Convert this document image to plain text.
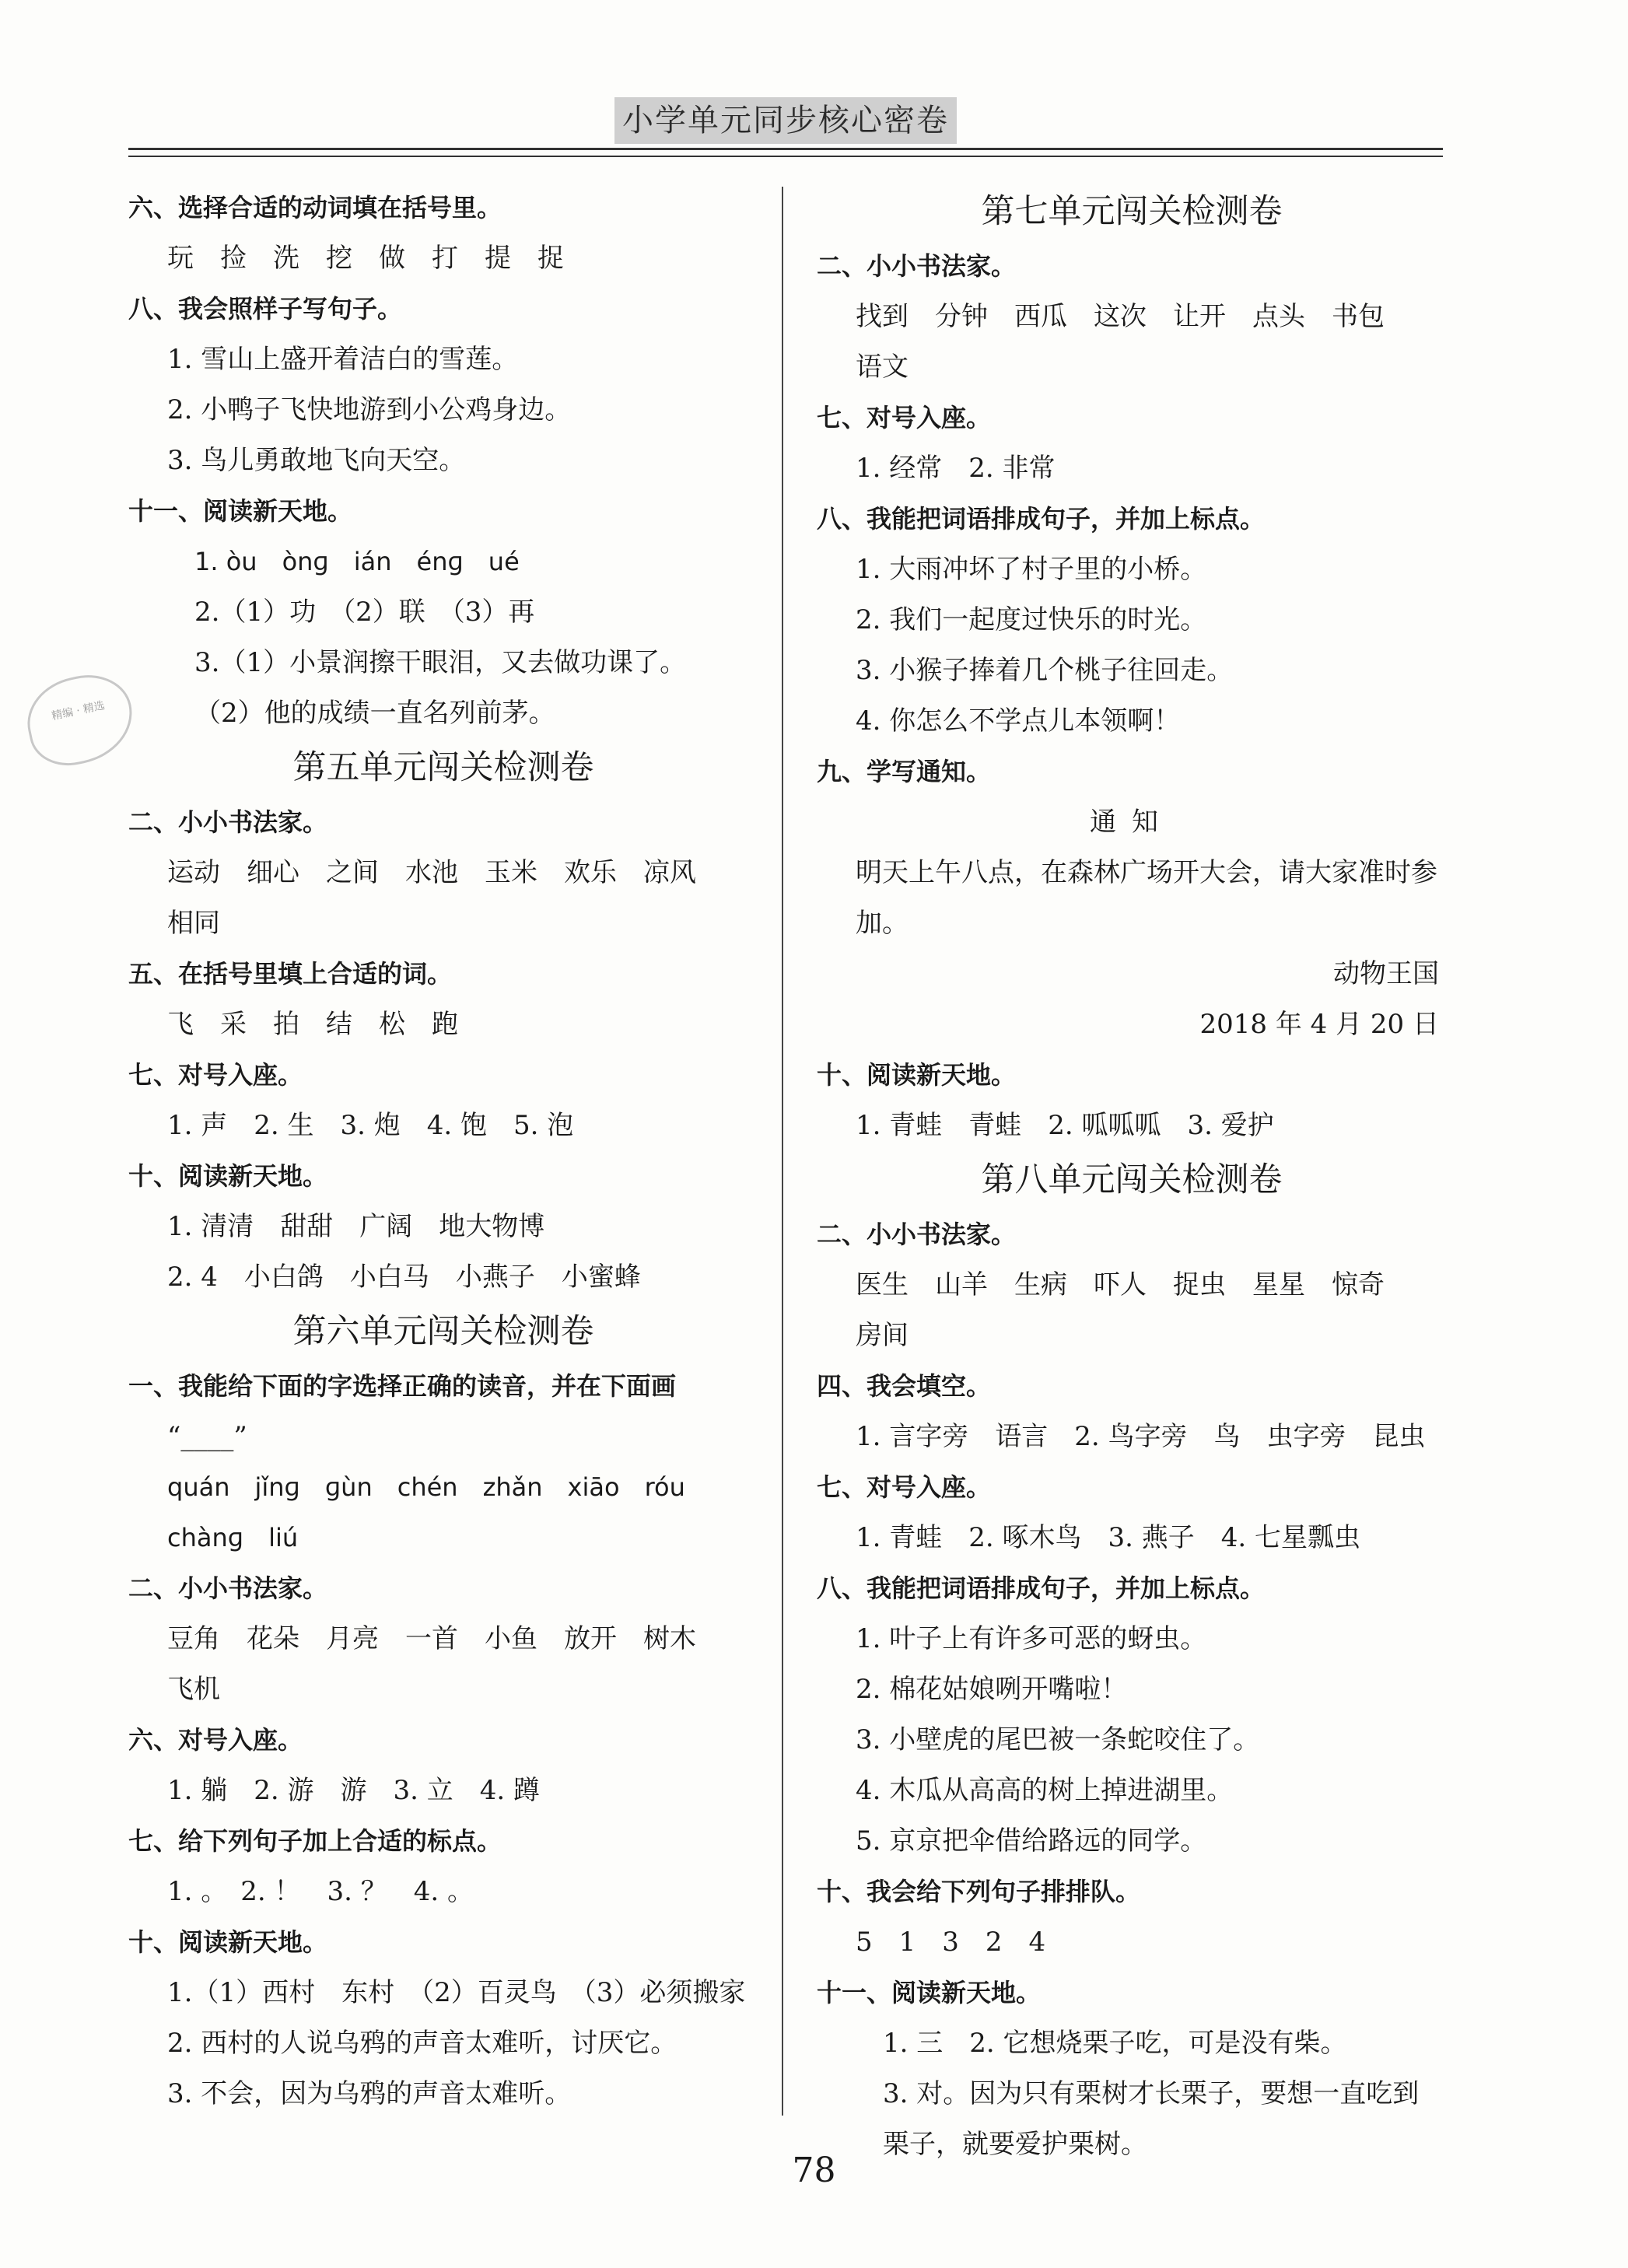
小学单元同步核心密卷
精编 · 精选
六、选择合适的动词填在括号里。
玩 捡 洗 挖 做 打 提 捉
八、我会照样子写句子。
1. 雪山上盛开着洁白的雪莲。
2. 小鸭子飞快地游到小公鸡身边。
3. 鸟儿勇敢地飞向天空。
十一、阅读新天地。
1. òu　ònɡ　ián　énɡ　ué
2.（1）功　（2）联　（3）再
3.（1）小景润擦干眼泪，又去做功课了。
（2）他的成绩一直名列前茅。
第五单元闯关检测卷
二、小小书法家。
运动 细心 之间 水池 玉米 欢乐 凉风
相同
五、在括号里填上合适的词。
飞 采 拍 结 松 跑
七、对号入座。
1. 声　2. 生　3. 炮　4. 饱　5. 泡
十、阅读新天地。
1. 清清　甜甜　广阔　地大物博
2. 4　小白鸽　小白马　小燕子　小蜜蜂
第六单元闯关检测卷
一、我能给下面的字选择正确的读音，并在下面画
“____”
quán　jǐnɡ　ɡùn　chén　zhǎn　xiāo　róu
chànɡ　liú
二、小小书法家。
豆角 花朵 月亮 一首 小鱼 放开 树木
飞机
六、对号入座。
1. 躺　2. 游　游　3. 立　4. 蹲
七、给下列句子加上合适的标点。
1. 。　2. ！　3. ？　4. 。
十、阅读新天地。
1.（1）西村　东村　（2）百灵鸟　（3）必须搬家
2. 西村的人说乌鸦的声音太难听，讨厌它。
3. 不会，因为乌鸦的声音太难听。
第七单元闯关检测卷
二、小小书法家。
找到 分钟 西瓜 这次 让开 点头 书包
语文
七、对号入座。
1. 经常　2. 非常
八、我能把词语排成句子，并加上标点。
1. 大雨冲坏了村子里的小桥。
2. 我们一起度过快乐的时光。
3. 小猴子捧着几个桃子往回走。
4. 你怎么不学点儿本领啊！
九、学写通知。
通知
明天上午八点，在森林广场开大会，请大家准时参
加。
动物王国
2018 年 4 月 20 日
十、阅读新天地。
1. 青蛙　青蛙　2. 呱呱呱　3. 爱护
第八单元闯关检测卷
二、小小书法家。
医生 山羊 生病 吓人 捉虫 星星 惊奇
房间
四、我会填空。
1. 言字旁　语言　2. 鸟字旁　鸟　虫字旁　昆虫
七、对号入座。
1. 青蛙　2. 啄木鸟　3. 燕子　4. 七星瓢虫
八、我能把词语排成句子，并加上标点。
1. 叶子上有许多可恶的蚜虫。
2. 棉花姑娘咧开嘴啦！
3. 小壁虎的尾巴被一条蛇咬住了。
4. 木瓜从高高的树上掉进湖里。
5. 京京把伞借给路远的同学。
十、我会给下列句子排排队。
5　1　3　2　4
十一、阅读新天地。
1. 三　2. 它想烧栗子吃，可是没有柴。
3. 对。因为只有栗树才长栗子，要想一直吃到
栗子，就要爱护栗树。
78
